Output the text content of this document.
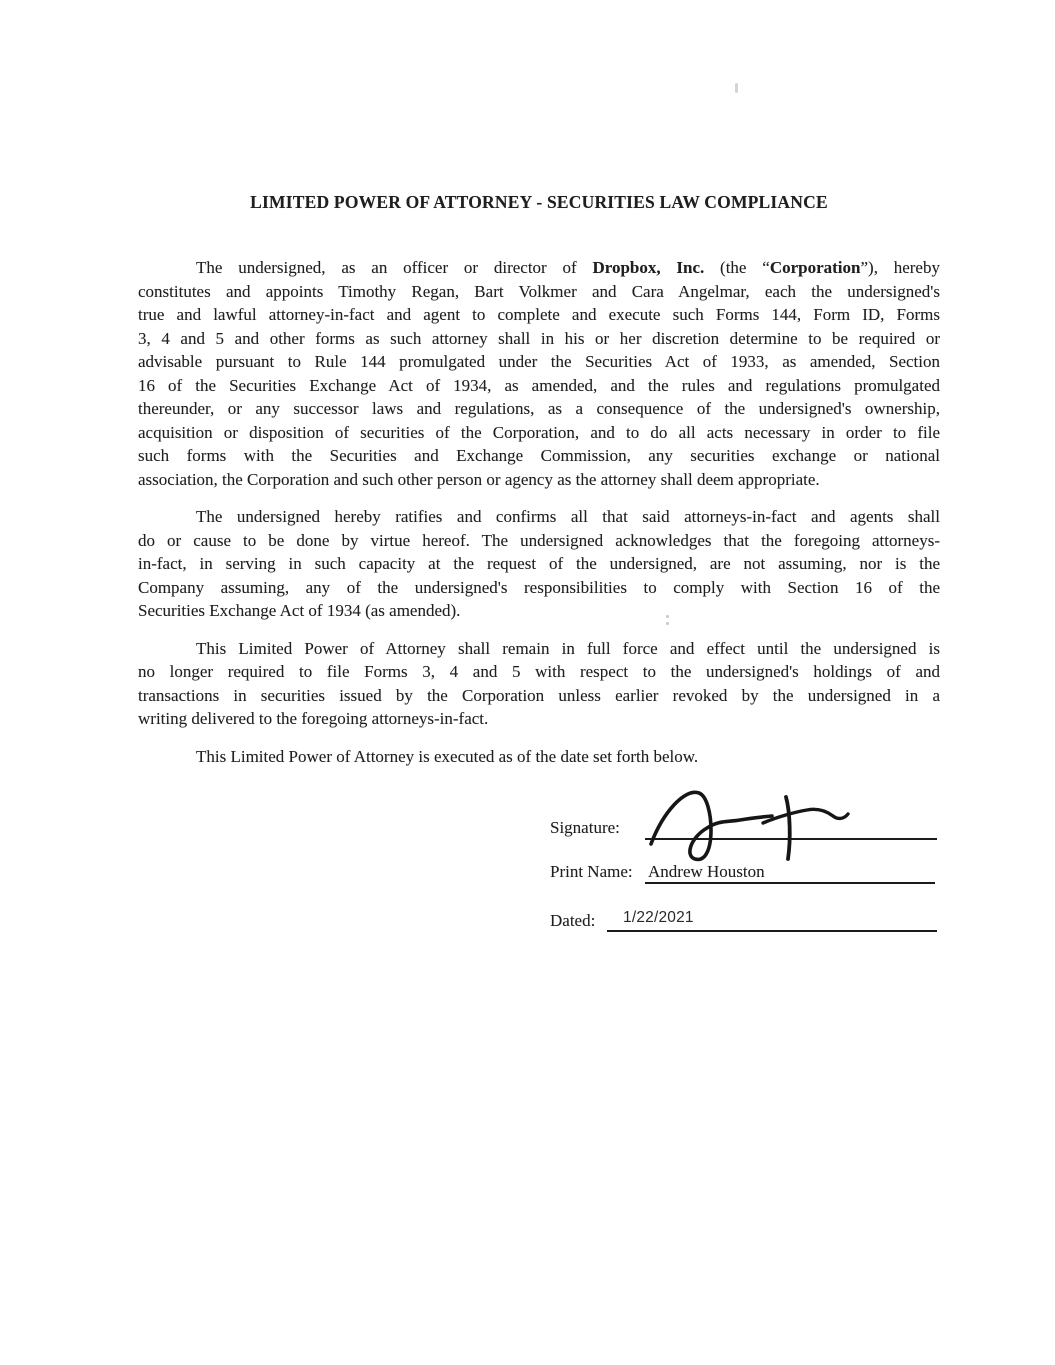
LIMITED POWER OF ATTORNEY - SECURITIES LAW COMPLIANCE
The undersigned, as an officer or director of Dropbox, Inc. (the “Corporation”), hereby
constitutes and appoints Timothy Regan, Bart Volkmer and Cara Angelmar, each the undersigned's
true and lawful attorney-in-fact and agent to complete and execute such Forms 144, Form ID, Forms
3, 4 and 5 and other forms as such attorney shall in his or her discretion determine to be required or
advisable pursuant to Rule 144 promulgated under the Securities Act of 1933, as amended, Section
16 of the Securities Exchange Act of 1934, as amended, and the rules and regulations promulgated
thereunder, or any successor laws and regulations, as a consequence of the undersigned's ownership,
acquisition or disposition of securities of the Corporation, and to do all acts necessary in order to file
such forms with the Securities and Exchange Commission, any securities exchange or national
association, the Corporation and such other person or agency as the attorney shall deem appropriate.
The undersigned hereby ratifies and confirms all that said attorneys-in-fact and agents shall
do or cause to be done by virtue hereof. The undersigned acknowledges that the foregoing attorneys-
in-fact, in serving in such capacity at the request of the undersigned, are not assuming, nor is the
Company assuming, any of the undersigned's responsibilities to comply with Section 16 of the
Securities Exchange Act of 1934 (as amended).
This Limited Power of Attorney shall remain in full force and effect until the undersigned is
no longer required to file Forms 3, 4 and 5 with respect to the undersigned's holdings of and
transactions in securities issued by the Corporation unless earlier revoked by the undersigned in a
writing delivered to the foregoing attorneys-in-fact.
This Limited Power of Attorney is executed as of the date set forth below.
Signature:
Print Name: Andrew Houston
Dated: 1/22/2021
